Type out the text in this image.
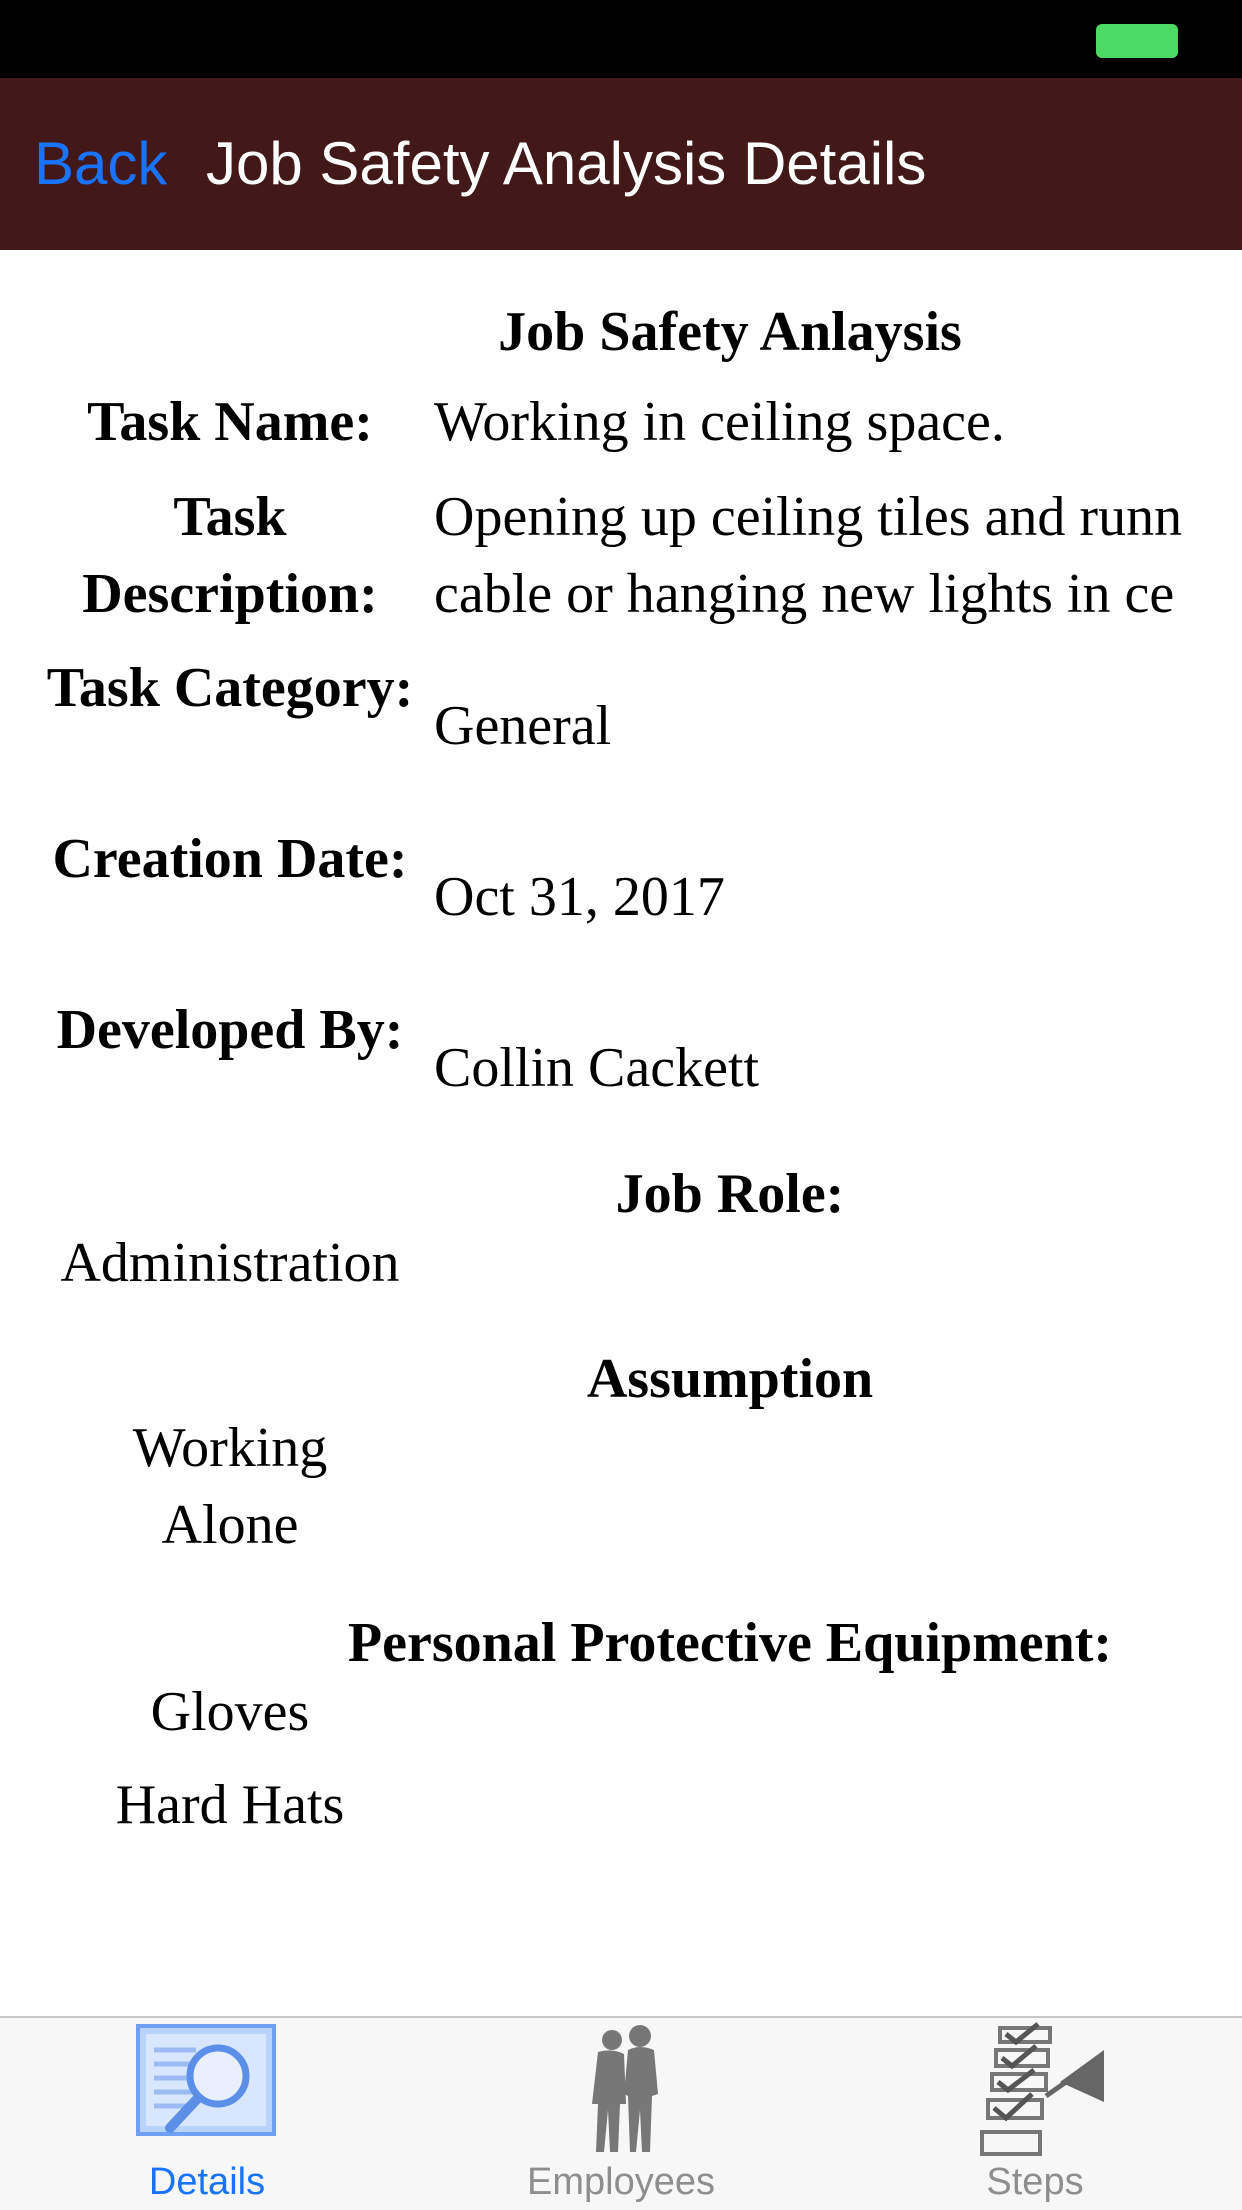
Back Job Safety Analysis Details
Job Safety Anlaysis
Task Name:	Working in ceiling space.
Task Description:
Opening up ceiling tiles and runn
cable or hanging new lights in ce
Task Category:
General
Creation Date:
Oct 31, 2017
Developed By:
Collin Cackett
Job Role:
Administration
Assumption
Working Alone
Personal Protective Equipment:
Gloves
Hard Hats
Details	Employees	Steps
